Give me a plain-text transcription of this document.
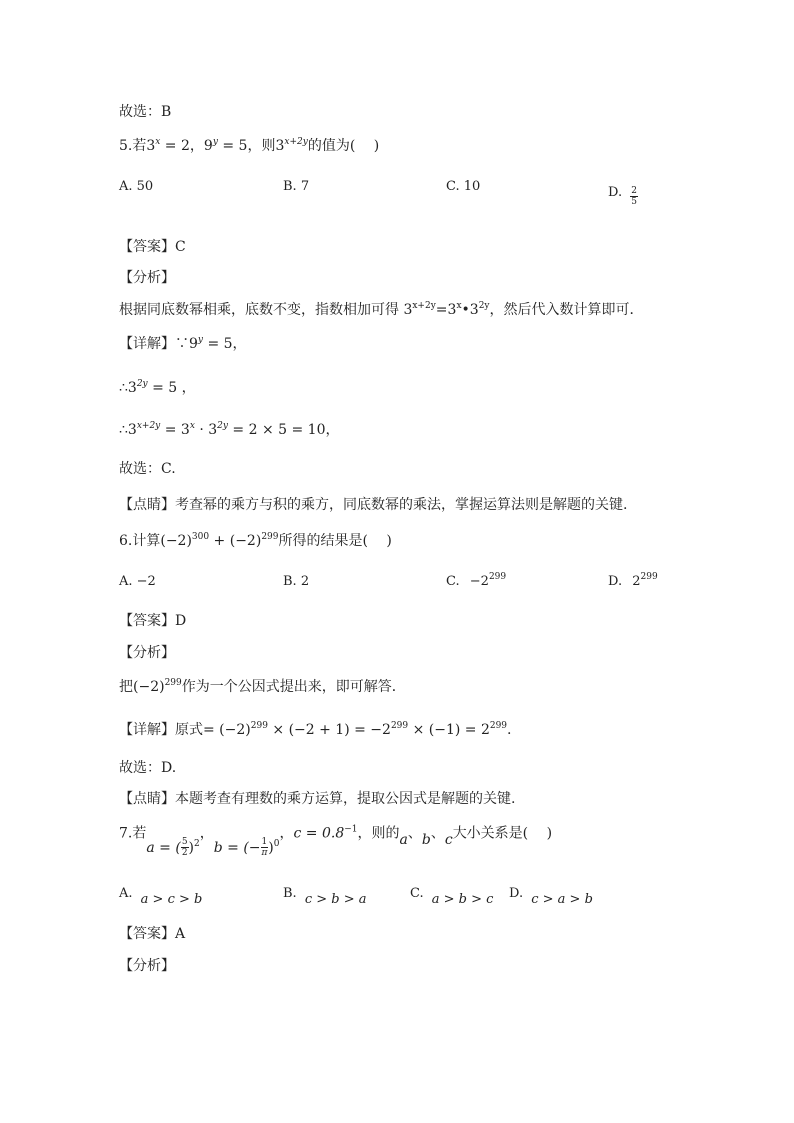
故选：B
5.若$3^x = 2$，$9^y = 5$，则$3^{x+2y}$的值为(　 )
A. 50	B. 7	C. 10	D. $\frac{2}{5}$
【答案】C
【分析】
根据同底数幂相乘，底数不变，指数相加可得 $3^{x+2y}=3^x•3^{2y}$，然后代入数计算即可．
【详解】$\because 9^y = 5$，
$\therefore 3^{2y} = 5$ ，
$\therefore 3^{x+2y} = 3^x \cdot 3^{2y} = 2 \times 5 = 10$，
故选：C.
【点睛】考查幂的乘方与积的乘方，同底数幂的乘法，掌握运算法则是解题的关键.
6.计算$(-2)^{300} + (-2)^{299}$所得的结果是(　 )
A. −2	B. 2	C. $-2^{299}$	D. $2^{299}$
【答案】D
【分析】
把$(-2)^{299}$作为一个公因式提出来，即可解答．
【详解】原式= $(-2)^{299} \times (-2 + 1) = -2^{299} \times (-1) = 2^{299}$.
故选：D.
【点睛】本题考查有理数的乘方运算，提取公因式是解题的关键.
7.若a = ( $\frac{5}{2} )^2$，b = (− $\frac{1}{\pi} )^0$，$c = 0.8^{-1}$，则的a、b、c大小关系是(　 )
A. a > c > b	B. c > b > a	C. a > b > c D. c > a > b
【答案】A
【分析】
